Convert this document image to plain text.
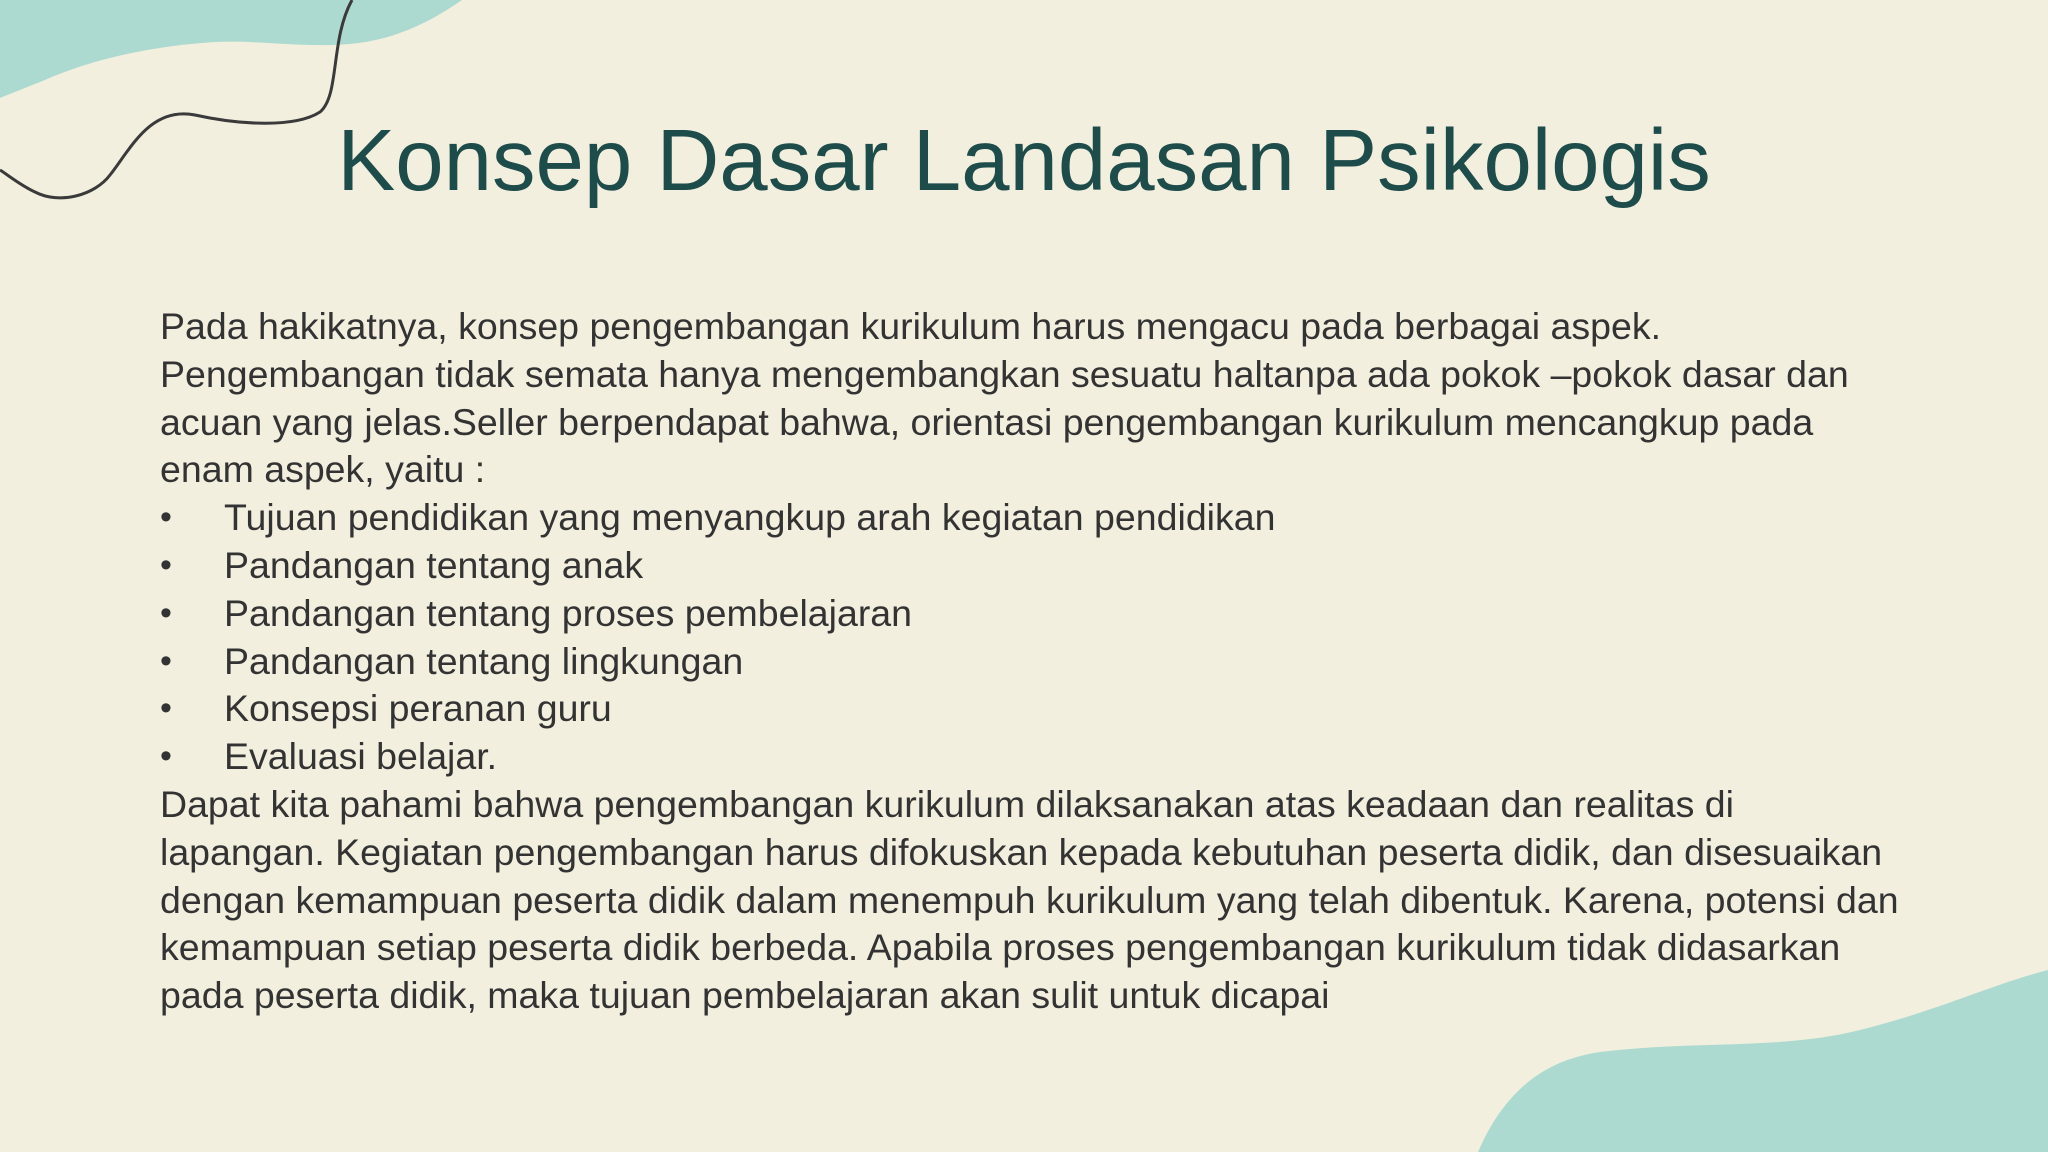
Konsep Dasar Landasan Psikologis

Pada hakikatnya, konsep pengembangan kurikulum harus mengacu pada berbagai aspek. Pengembangan tidak semata hanya mengembangkan sesuatu haltanpa ada pokok –pokok dasar dan acuan yang jelas.Seller berpendapat bahwa, orientasi pengembangan kurikulum mencangkup pada enam aspek, yaitu :

• Tujuan pendidikan yang menyangkup arah kegiatan pendidikan
• Pandangan tentang anak
• Pandangan tentang proses pembelajaran
• Pandangan tentang lingkungan
• Konsepsi peranan guru
• Evaluasi belajar.

Dapat kita pahami bahwa pengembangan kurikulum dilaksanakan atas keadaan dan realitas di lapangan. Kegiatan pengembangan harus difokuskan kepada kebutuhan peserta didik, dan disesuaikan dengan kemampuan peserta didik dalam menempuh kurikulum yang telah dibentuk. Karena, potensi dan kemampuan setiap peserta didik berbeda. Apabila proses pengembangan kurikulum tidak didasarkan pada peserta didik, maka tujuan pembelajaran akan sulit untuk dicapai
